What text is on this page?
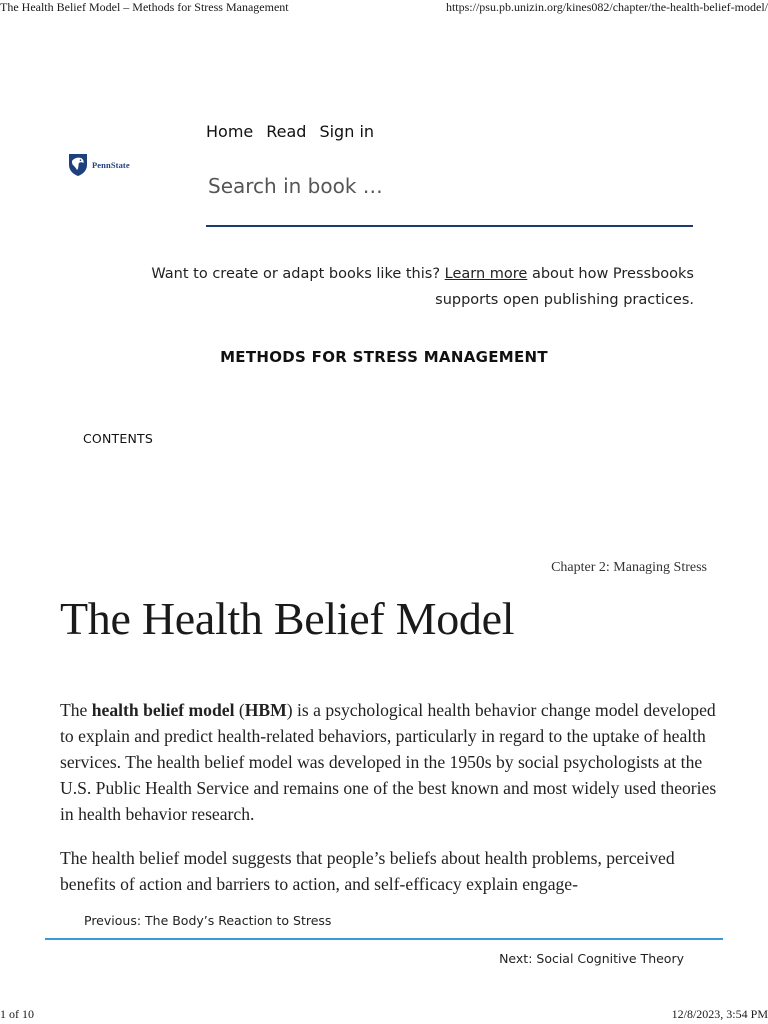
The Health Belief Model – Methods for Stress Management	https://psu.pb.unizin.org/kines082/chapter/the-health-belief-model/
PennState
Home Read Sign in
Search in book …
Want to create or adapt books like this? Learn more about how Pressbooks supports open publishing practices.
METHODS FOR STRESS MANAGEMENT
CONTENTS
Chapter 2: Managing Stress
The Health Belief Model
The health belief model (HBM) is a psychological health behavior change model developed to explain and predict health-related behaviors, particularly in regard to the uptake of health services. The health belief model was developed in the 1950s by social psychologists at the U.S. Public Health Service and remains one of the best known and most widely used theories in health behavior research.
The health belief model suggests that people’s beliefs about health problems, perceived benefits of action and barriers to action, and self-efficacy explain engage-
Previous: The Body’s Reaction to Stress
Next: Social Cognitive Theory
1 of 10	12/8/2023, 3:54 PM
